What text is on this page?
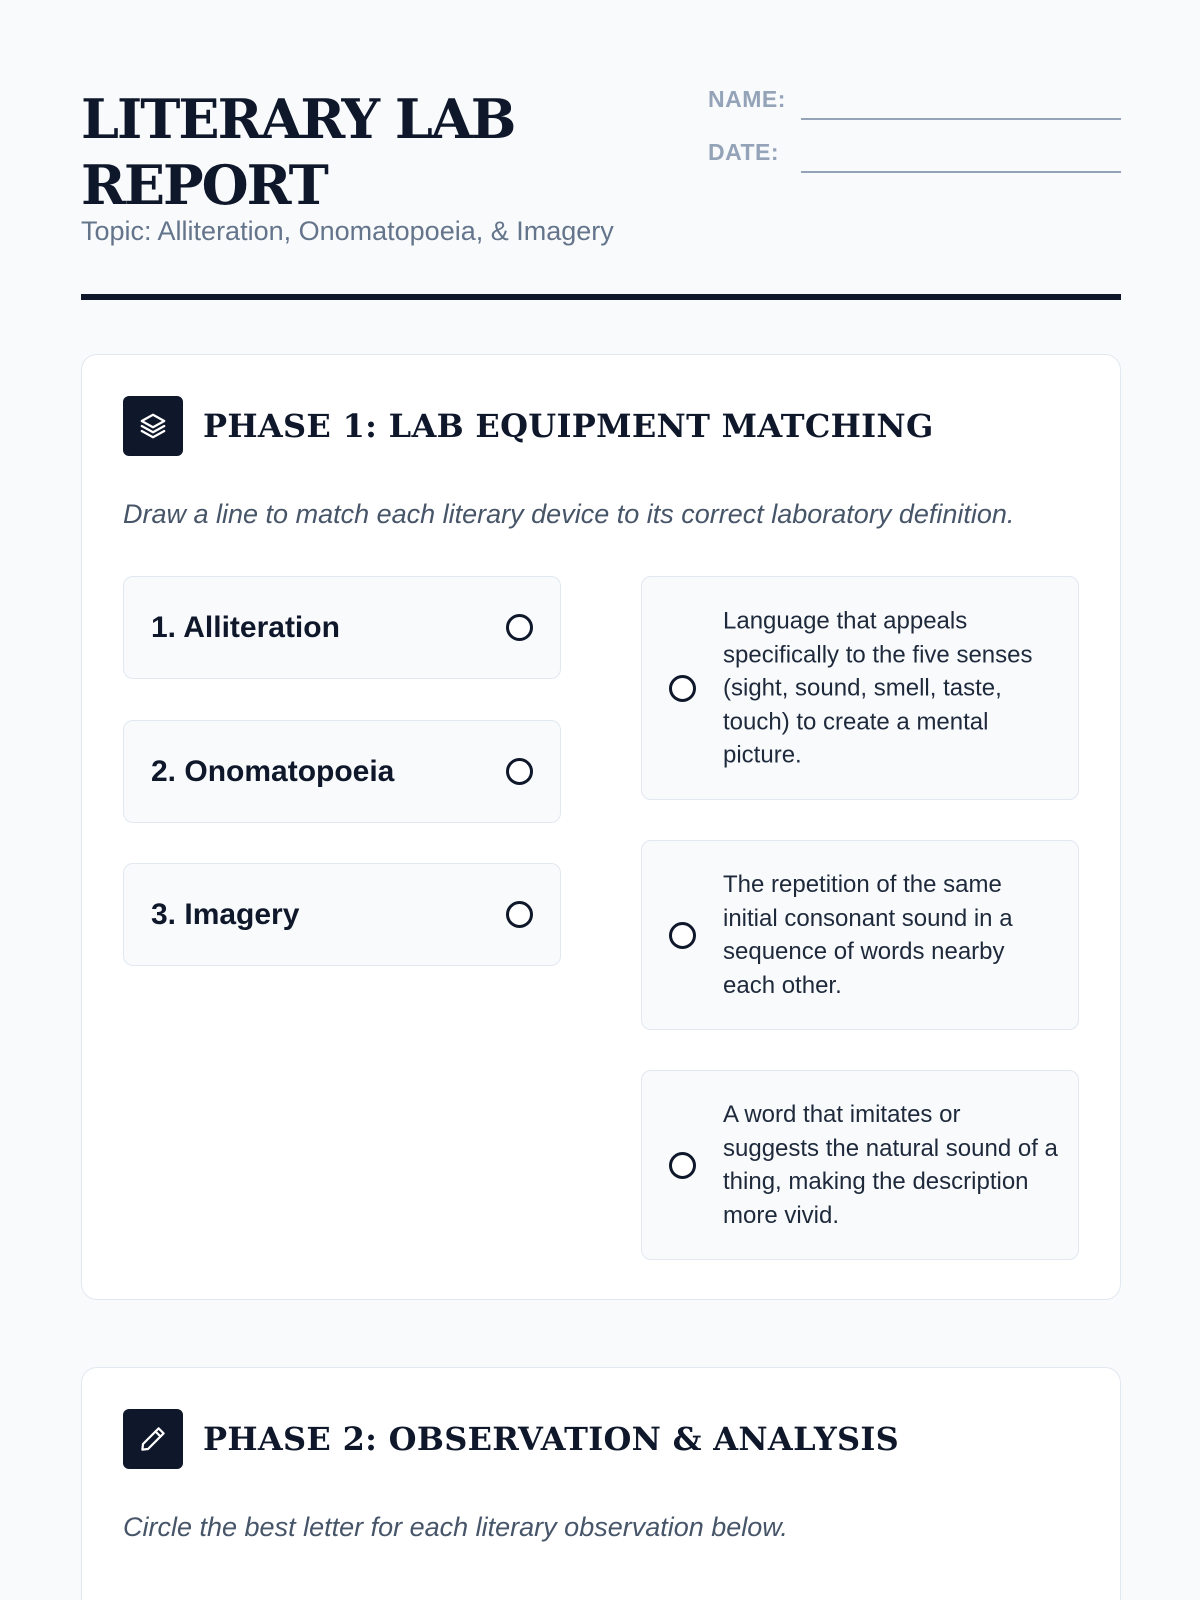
LITERARY LAB REPORT
Topic: Alliteration, Onomatopoeia, & Imagery
NAME:
DATE:
PHASE 1: LAB EQUIPMENT MATCHING

Draw a line to match each literary device to its correct laboratory definition.

1. Alliteration
2. Onomatopoeia
3. Imagery

Language that appeals specifically to the five senses (sight, sound, smell, taste, touch) to create a mental picture.

The repetition of the same initial consonant sound in a sequence of words nearby each other.

A word that imitates or suggests the natural sound of a thing, making the description more vivid.

PHASE 2: OBSERVATION & ANALYSIS

Circle the best letter for each literary observation below.
